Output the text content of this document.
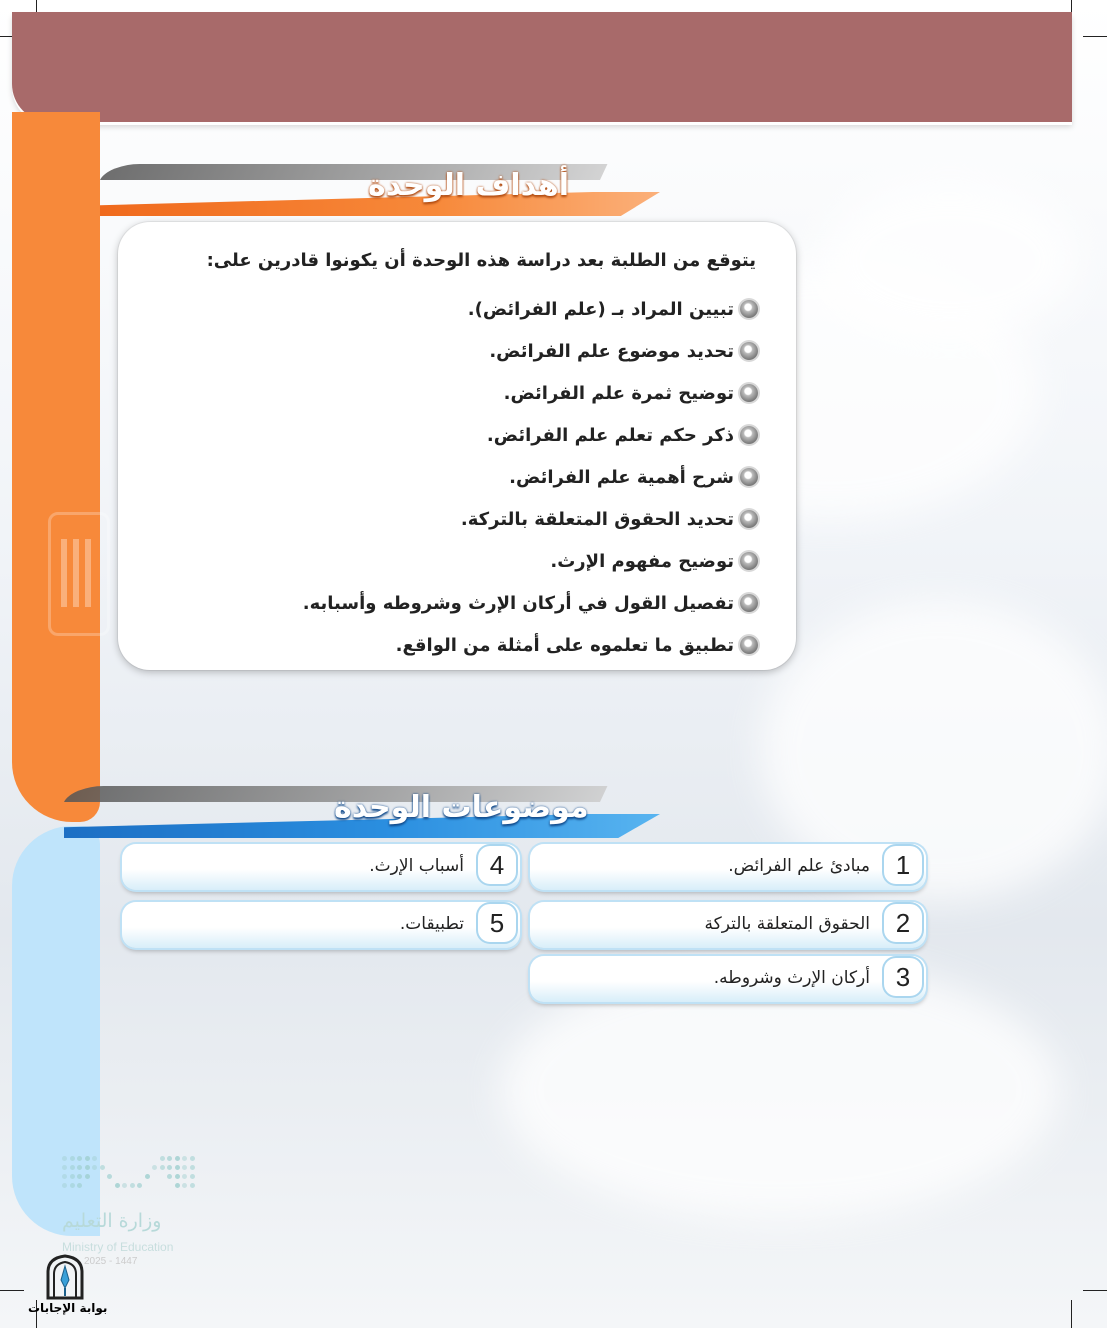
أهداف الوحدة
يتوقع من الطلبة بعد دراسة هذه الوحدة أن يكونوا قادرين على:
تبيين المراد بـ (علم الفرائض).
تحديد موضوع علم الفرائض.
توضيح ثمرة علم الفرائض.
ذكر حكم تعلم علم الفرائض.
شرح أهمية علم الفرائض.
تحديد الحقوق المتعلقة بالتركة.
توضيح مفهوم الإرث.
تفصيل القول في أركان الإرث وشروطه وأسبابه.
تطبيق ما تعلموه على أمثلة من الواقع.
موضوعات الوحدة
1
مبادئ علم الفرائض.
2
الحقوق المتعلقة بالتركة
3
أركان الإرث وشروطه.
4
أسباب الإرث.
5
تطبيقات.
وزارة التعليم
Ministry of Education
2025 - 1447
بوابة الإجابات
